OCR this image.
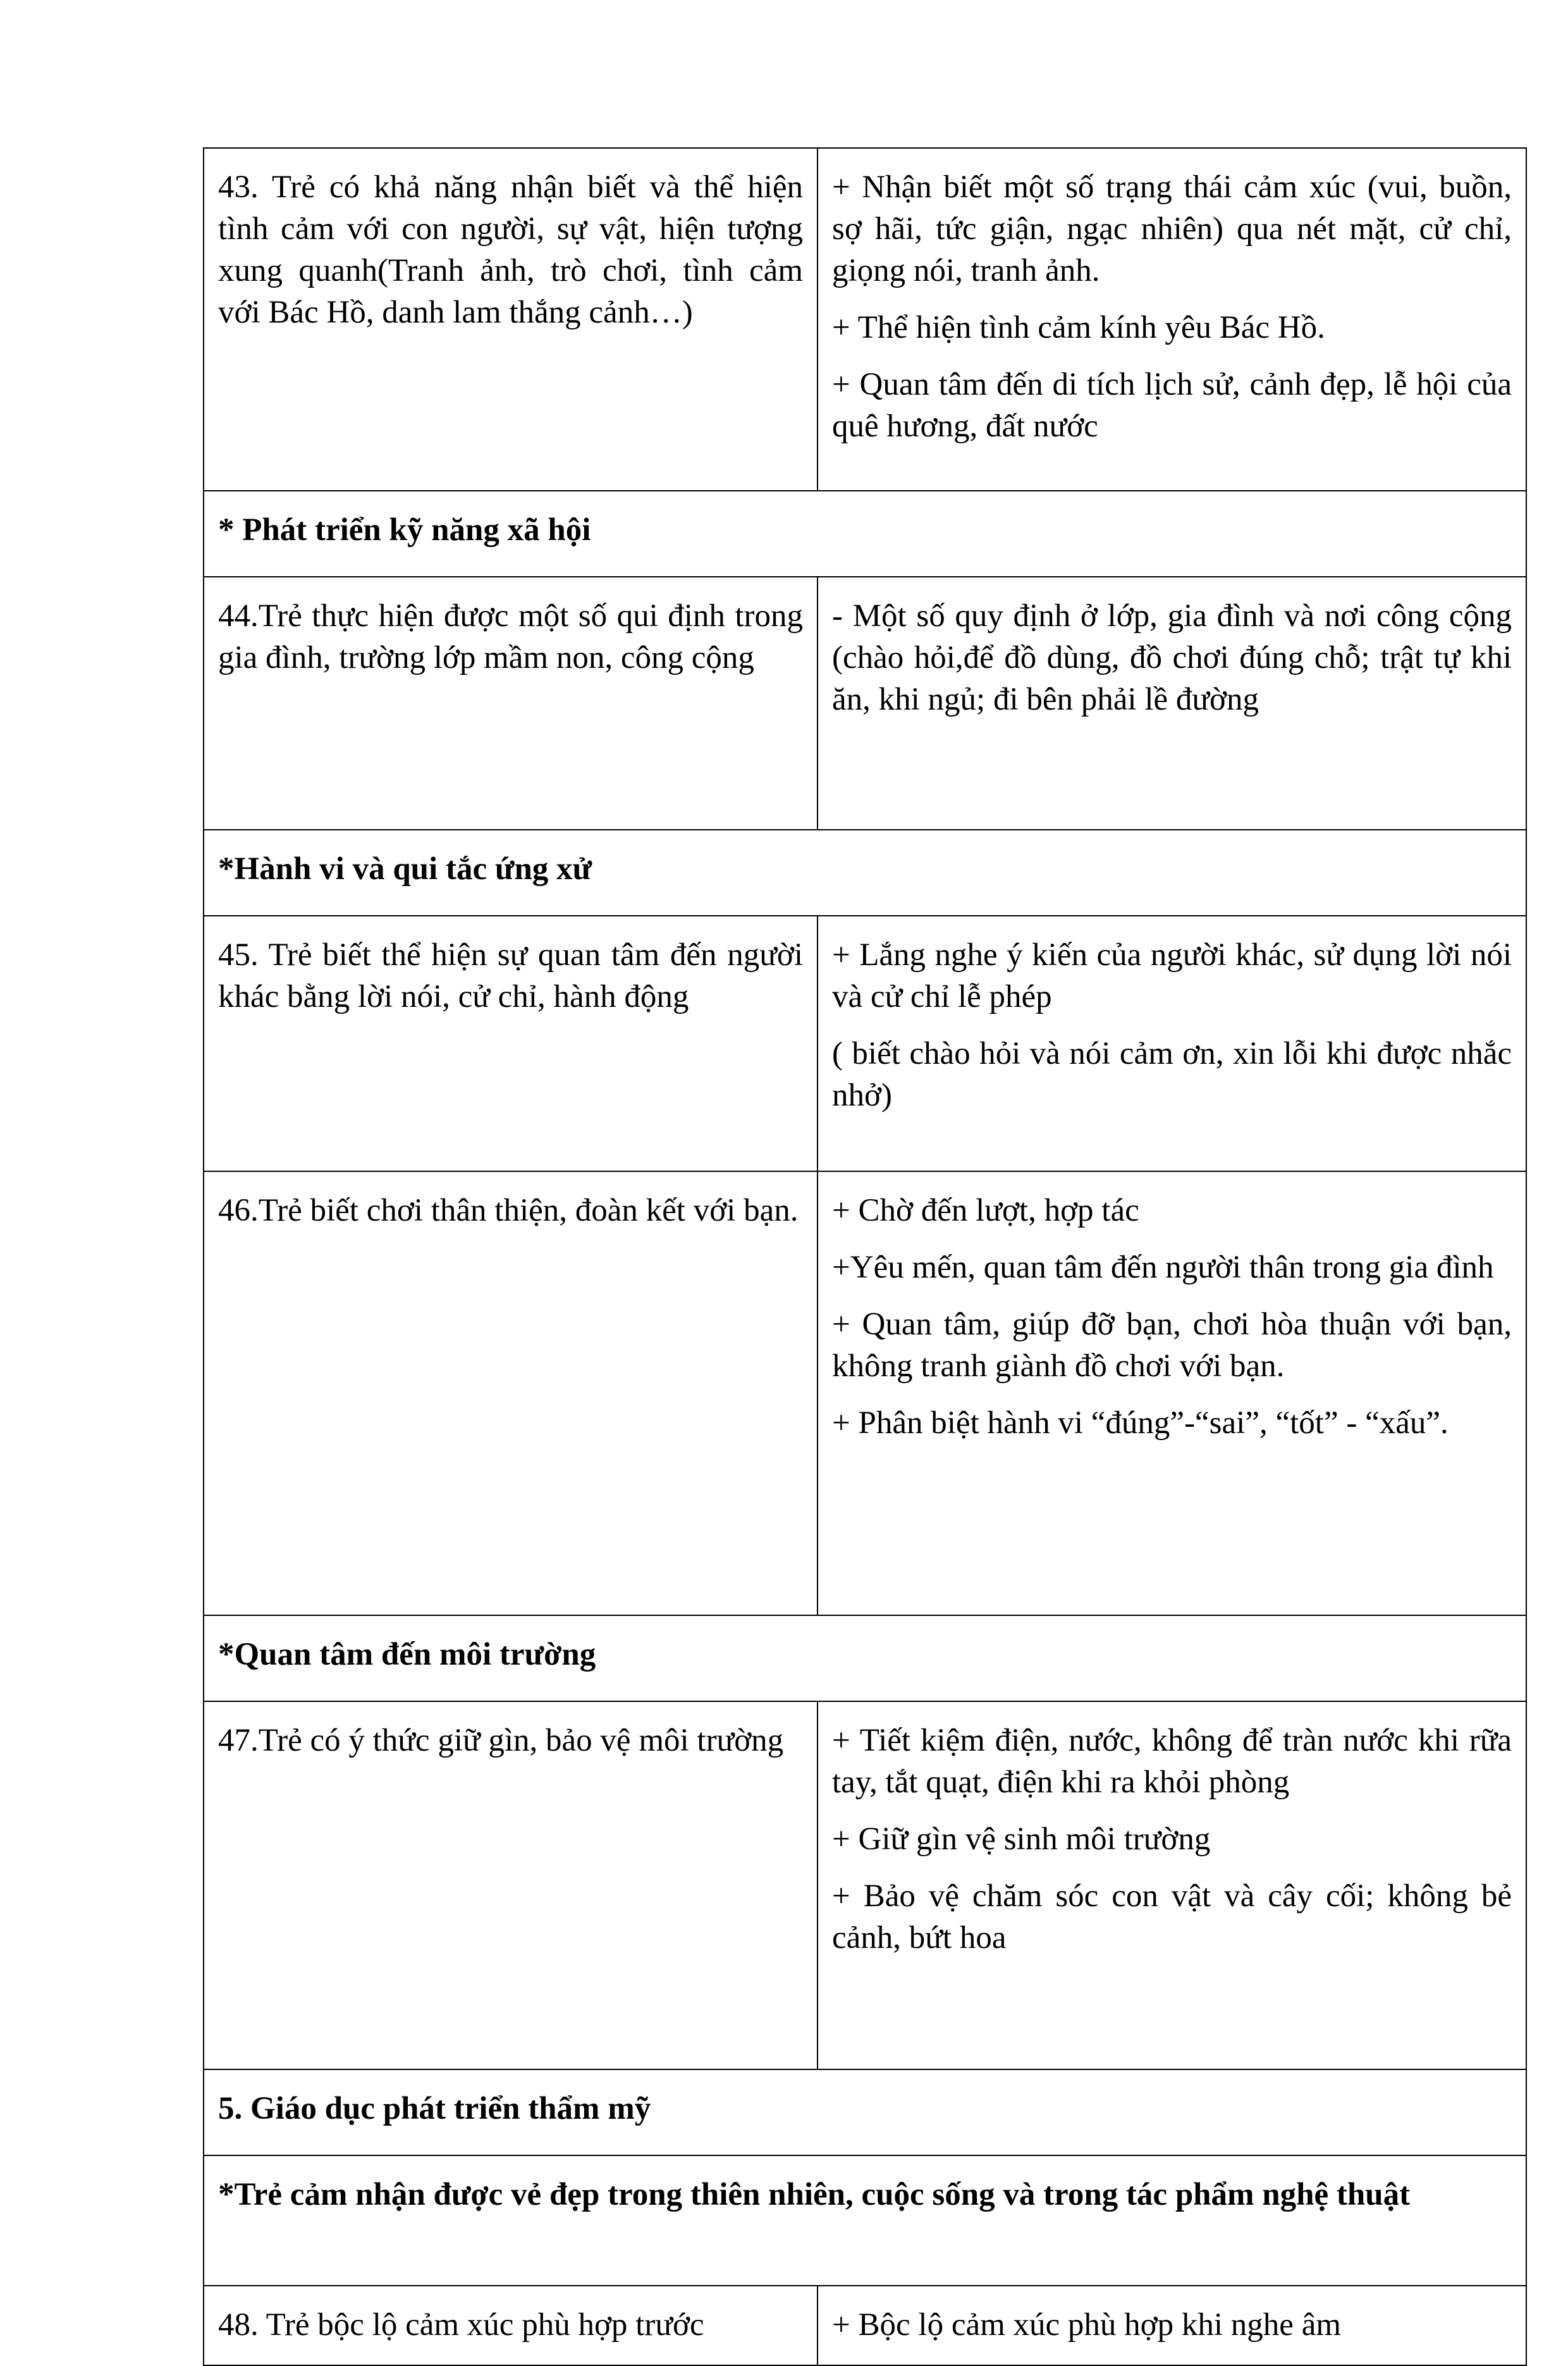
43. Trẻ có khả năng nhận biết và thể hiện tình cảm với con người, sự vật, hiện tượng xung quanh(Tranh ảnh, trò chơi, tình cảm với Bác Hồ, danh lam thắng cảnh…)	+ Nhận biết một số trạng thái cảm xúc (vui, buồn, sợ hãi, tức giận, ngạc nhiên) qua nét mặt, cử chỉ, giọng nói, tranh ảnh.

+ Thể hiện tình cảm kính yêu Bác Hồ.

+ Quan tâm đến di tích lịch sử, cảnh đẹp, lễ hội của quê hương, đất nước

* Phát triển kỹ năng xã hội	

44.Trẻ thực hiện được một số qui định trong gia đình, trường lớp mầm non, công cộng	- Một số quy định ở lớp, gia đình và nơi công cộng (chào hỏi,để đồ dùng, đồ chơi đúng chỗ; trật tự khi ăn, khi ngủ; đi bên phải lề đường

*Hành vi và qui tắc ứng xử	

45. Trẻ biết thể hiện sự quan tâm đến người khác bằng lời nói, cử chỉ, hành động	+ Lắng nghe ý kiến của người khác, sử dụng lời nói và cử chỉ lễ phép

( biết chào hỏi và nói cảm ơn, xin lỗi khi được nhắc nhở)

46.Trẻ biết chơi thân thiện, đoàn kết với bạn.	+ Chờ đến lượt, hợp tác

+Yêu mến, quan tâm đến người thân trong gia đình

+ Quan tâm, giúp đỡ bạn, chơi hòa thuận với bạn, không tranh giành đồ chơi với bạn.

+ Phân biệt hành vi “đúng”-“sai”, “tốt” - “xấu”.

*Quan tâm đến môi trường	

47.Trẻ có ý thức giữ gìn, bảo vệ môi trường	+ Tiết kiệm điện, nước, không để tràn nước khi rữa tay, tắt quạt, điện khi ra khỏi phòng

+ Giữ gìn vệ sinh môi trường

+ Bảo vệ chăm sóc con vật và cây cối; không bẻ cảnh, bứt hoa

5. Giáo dục phát triển thẩm mỹ	
*Trẻ cảm nhận được vẻ đẹp trong thiên nhiên, cuộc sống và trong tác phẩm nghệ thuật	

48. Trẻ bộc lộ cảm xúc phù hợp trước	+ Bộc lộ cảm xúc phù hợp khi nghe âm
